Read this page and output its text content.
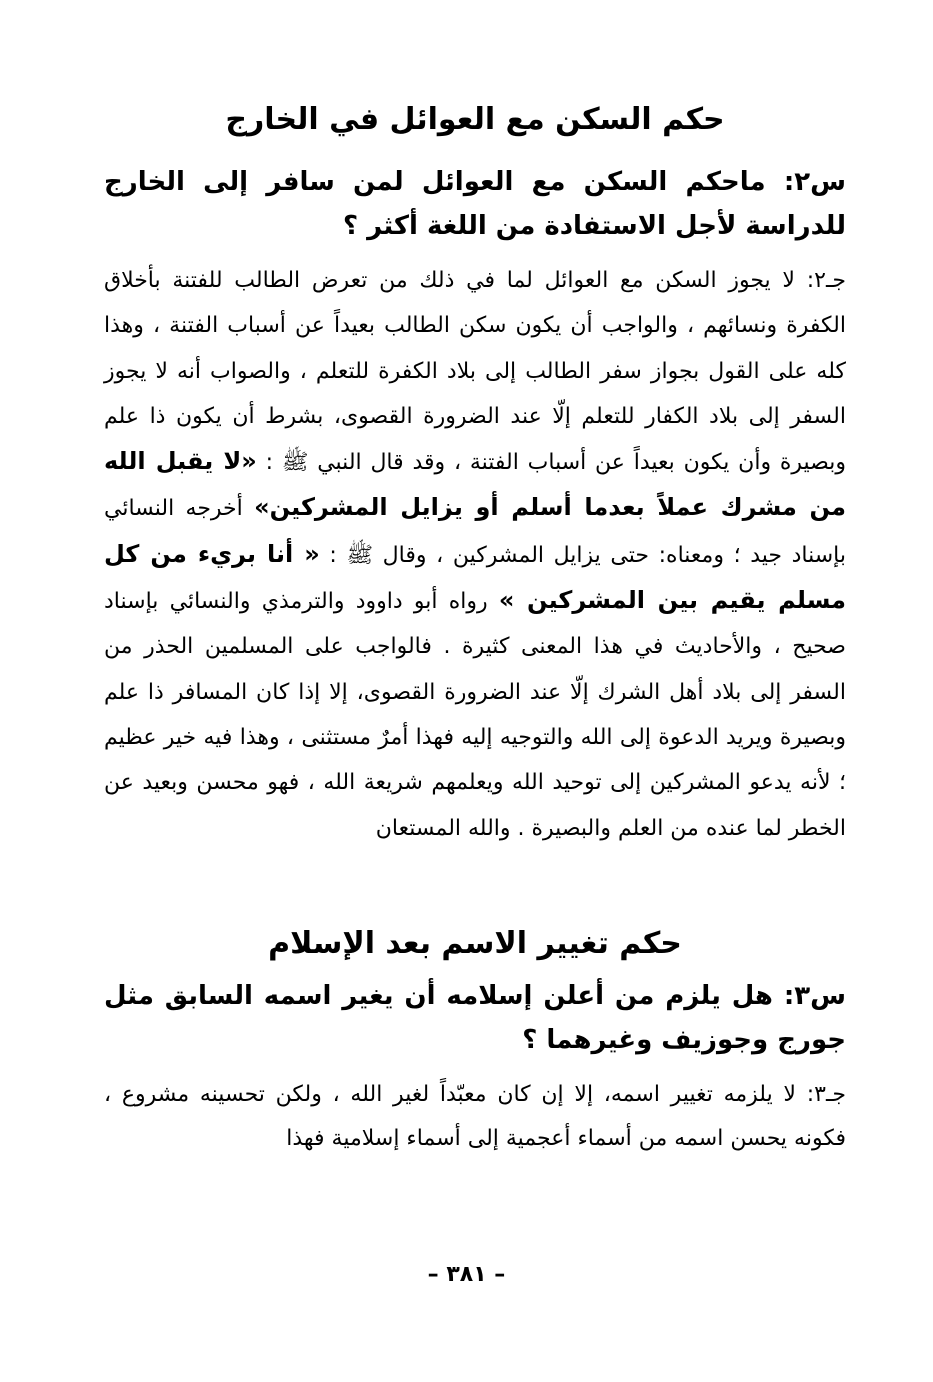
حكم السكن مع العوائل في الخارج
س٢: ماحكم السكن مع العوائل لمن سافر إلى الخارج للدراسة لأجل الاستفادة من اللغة أكثر ؟
جـ٢: لا يجوز السكن مع العوائل لما في ذلك من تعرض الطالب للفتنة بأخلاق الكفرة ونسائهم ، والواجب أن يكون سكن الطالب بعيداً عن أسباب الفتنة ، وهذا كله على القول بجواز سفر الطالب إلى بلاد الكفرة للتعلم ، والصواب أنه لا يجوز السفر إلى بلاد الكفار للتعلم إلّا عند الضرورة القصوى، بشرط أن يكون ذا علم وبصيرة وأن يكون بعيداً عن أسباب الفتنة ، وقد قال النبي ﷺ : «لا يقبل الله من مشرك عملاً بعدما أسلم أو يزايل المشركين» أخرجه النسائي بإسناد جيد ؛ ومعناه: حتى يزايل المشركين ، وقال ﷺ : « أنا بريء من كل مسلم يقيم بين المشركين » رواه أبو داوود والترمذي والنسائي بإسناد صحيح ، والأحاديث في هذا المعنى كثيرة . فالواجب على المسلمين الحذر من السفر إلى بلاد أهل الشرك إلّا عند الضرورة القصوى، إلا إذا كان المسافر ذا علم وبصيرة ويريد الدعوة إلى الله والتوجيه إليه فهذا أمرٌ مستثنى ، وهذا فيه خير عظيم ؛ لأنه يدعو المشركين إلى توحيد الله ويعلمهم شريعة الله ، فهو محسن وبعيد عن الخطر لما عنده من العلم والبصيرة . والله المستعان
حكم تغيير الاسم بعد الإسلام
س٣: هل يلزم من أعلن إسلامه أن يغير اسمه السابق مثل جورج وجوزيف وغيرهما ؟
جـ٣: لا يلزمه تغيير اسمه، إلا إن كان معبّداً لغير الله ، ولكن تحسينه مشروع ، فكونه يحسن اسمه من أسماء أعجمية إلى أسماء إسلامية فهذا
– ٣٨١ –
